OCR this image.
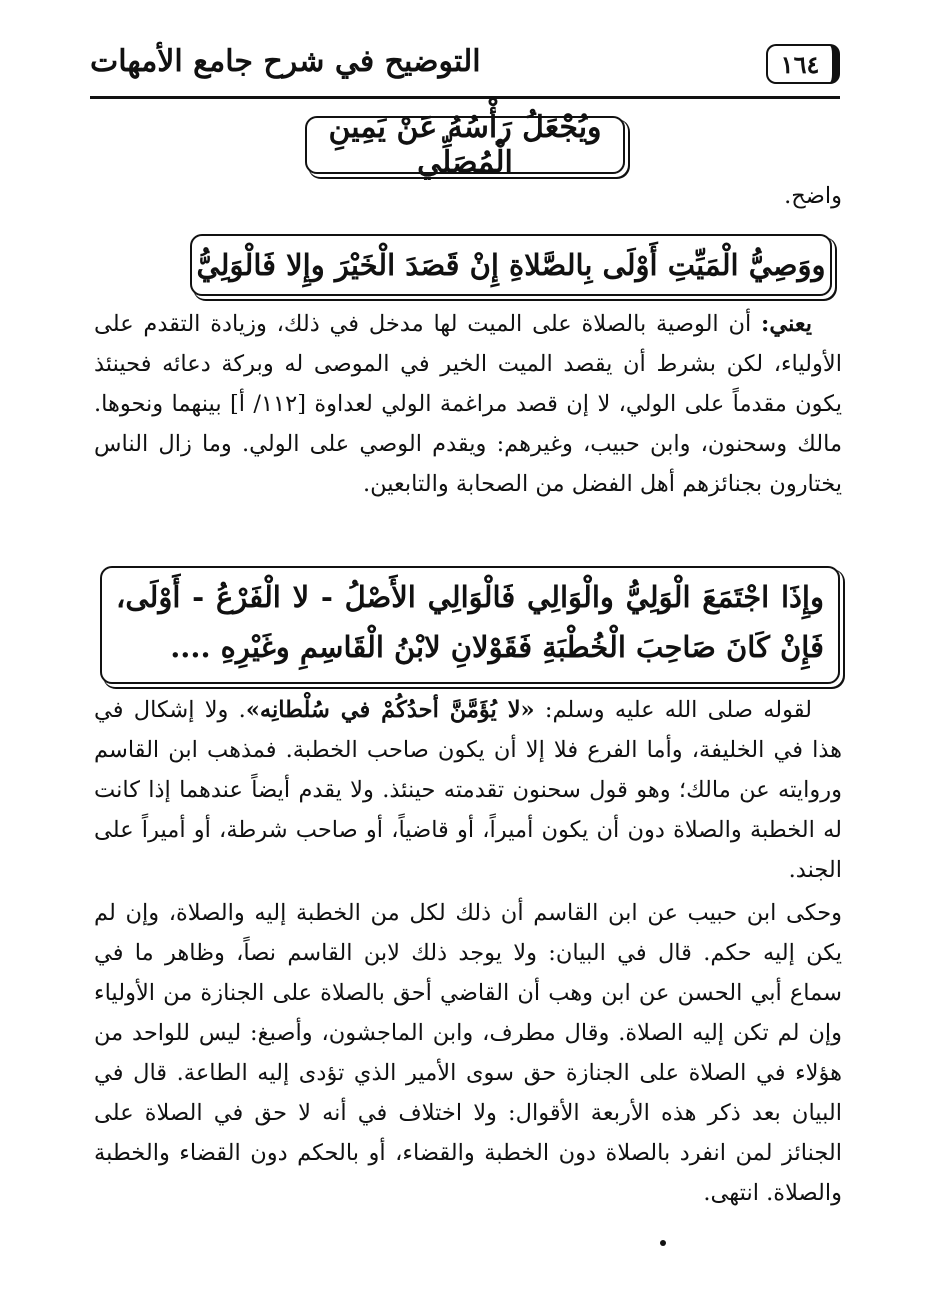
١٦٤
التوضيح في شرح جامع الأمهات
ويُجْعَلُ رَأْسُهُ عَنْ يَمِينِ الْمُصَلِّي

واضح.

ووَصِيُّ الْمَيِّتِ أَوْلَى بِالصَّلاةِ إِنْ قَصَدَ الْخَيْرَ وإِلا فَالْوَلِيُّ

يعني: أن الوصية بالصلاة على الميت لها مدخل في ذلك، وزيادة التقدم على الأولياء، لكن بشرط أن يقصد الميت الخير في الموصى له وبركة دعائه فحينئذ يكون مقدماً على الولي، لا إن قصد مراغمة الولي لعداوة [١١٢/ أ] بينهما ونحوها. مالك وسحنون، وابن حبيب، وغيرهم: ويقدم الوصي على الولي. وما زال الناس يختارون بجنائزهم أهل الفضل من الصحابة والتابعين.

وإِذَا اجْتَمَعَ الْوَلِيُّ والْوَالِي فَالْوَالِي الأَصْلُ - لا الْفَرْعُ - أَوْلَى، فَإِنْ كَانَ صَاحِبَ الْخُطْبَةِ فَقَوْلانِ لابْنُ الْقَاسِمِ وغَيْرِهِ ....

لقوله صلى الله عليه وسلم: «لا يُؤَمَّنَّ أحدُكُمْ في سُلْطانِه». ولا إشكال في هذا في الخليفة، وأما الفرع فلا إلا أن يكون صاحب الخطبة. فمذهب ابن القاسم وروايته عن مالك؛ وهو قول سحنون تقدمته حينئذ. ولا يقدم أيضاً عندهما إذا كانت له الخطبة والصلاة دون أن يكون أميراً، أو قاضياً، أو صاحب شرطة، أو أميراً على الجند.

وحكى ابن حبيب عن ابن القاسم أن ذلك لكل من الخطبة إليه والصلاة، وإن لم يكن إليه حكم. قال في البيان: ولا يوجد ذلك لابن القاسم نصاً، وظاهر ما في سماع أبي الحسن عن ابن وهب أن القاضي أحق بالصلاة على الجنازة من الأولياء وإن لم تكن إليه الصلاة. وقال مطرف، وابن الماجشون، وأصبغ: ليس للواحد من هؤلاء في الصلاة على الجنازة حق سوى الأمير الذي تؤدى إليه الطاعة. قال في البيان بعد ذكر هذه الأربعة الأقوال: ولا اختلاف في أنه لا حق في الصلاة على الجنائز لمن انفرد بالصلاة دون الخطبة والقضاء، أو بالحكم دون القضاء والخطبة والصلاة. انتهى.
